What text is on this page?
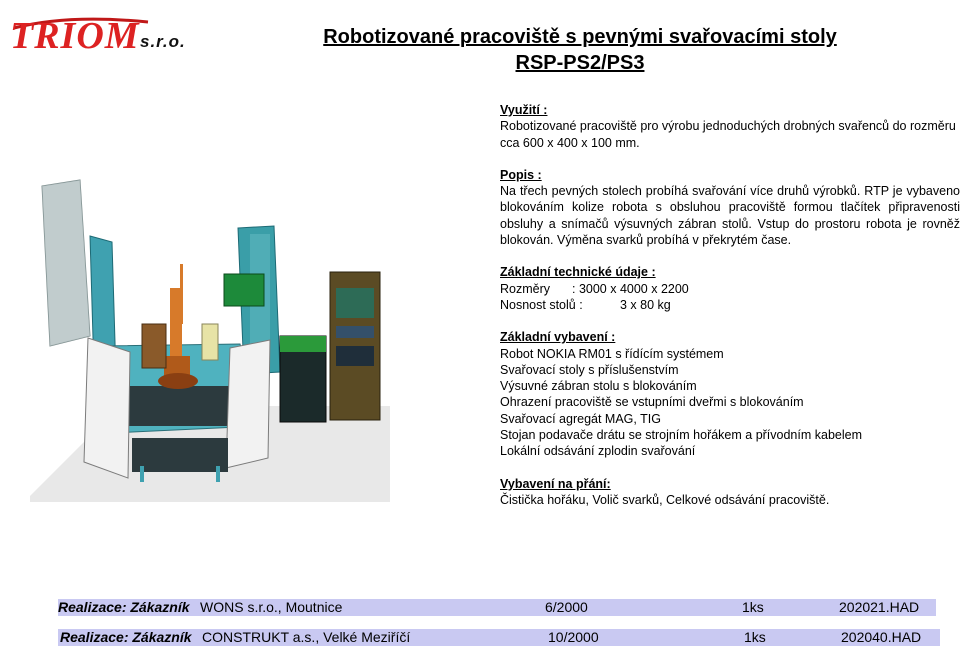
TRIOM s.r.o.	Robotizované pracoviště s pevnými svařovacími stoly
RSP-PS2/PS3
Využití :
Robotizované pracoviště pro výrobu jednoduchých drobných svařenců do rozměru cca 600 x 400 x 100 mm.
Popis :
Na třech pevných stolech probíhá svařování více druhů výrobků. RTP je vybaveno blokováním kolize robota s obsluhou pracoviště formou tlačítek připravenosti obsluhy a snímačů výsuvných zábran stolů. Vstup do prostoru robota je rovněž blokován. Výměna svarků probíhá v překrytém čase.
Základní technické údaje :
Rozměry : 3000 x 4000 x 2200
Nosnost stolů :	3 x 80 kg
Základní vybavení :
Robot NOKIA RM01 s řídícím systémem
Svařovací stoly s příslušenstvím
Výsuvné zábran stolu s blokováním
Ohrazení pracoviště se vstupními dveřmi s blokováním
Svařovací agregát MAG, TIG
Stojan podavače drátu se strojním hořákem a přívodním kabelem
Lokální odsávání zplodin svařování
Vybavení na přání:
Čistička hořáku, Volič svarků, Celkové odsávání pracoviště.
Realizace: Zákazník WONS s.r.o., Moutnice	6/2000	1ks	202021.HAD
Realizace: Zákazník CONSTRUKT a.s., Velké Meziříčí	10/2000	1ks	202040.HAD
